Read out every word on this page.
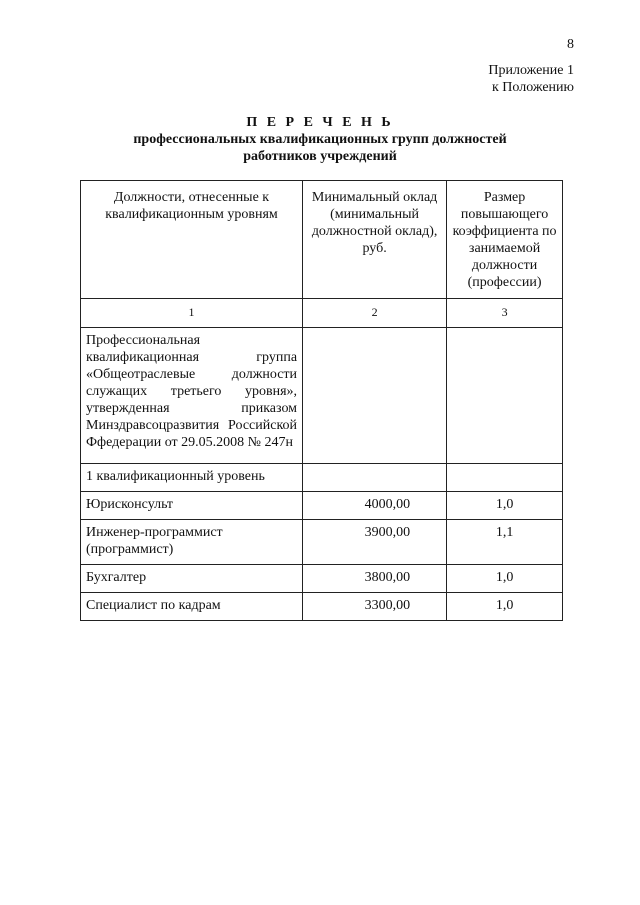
8
Приложение 1
к Положению
П Е Р Е Ч Е Н Ь
профессиональных квалификационных групп должностей
работников учреждений
Должности, отнесенные к квалификационным уровням	Минимальный оклад (минимальный должностной оклад), руб.	Размер повышающего коэффициента по занимаемой должности (профессии)
1	2	3
Профессиональная квалификационная группа «Общеотраслевые должности служащих третьего уровня», утвержденная приказом Минздравсоцразвития Российской Ффедерации от 29.05.2008 № 247н		
1 квалификационный уровень		
Юрисконсульт	4000,00	1,0
Инженер-программист (программист)	3900,00	1,1
Бухгалтер	3800,00	1,0
Специалист по кадрам	3300,00	1,0
